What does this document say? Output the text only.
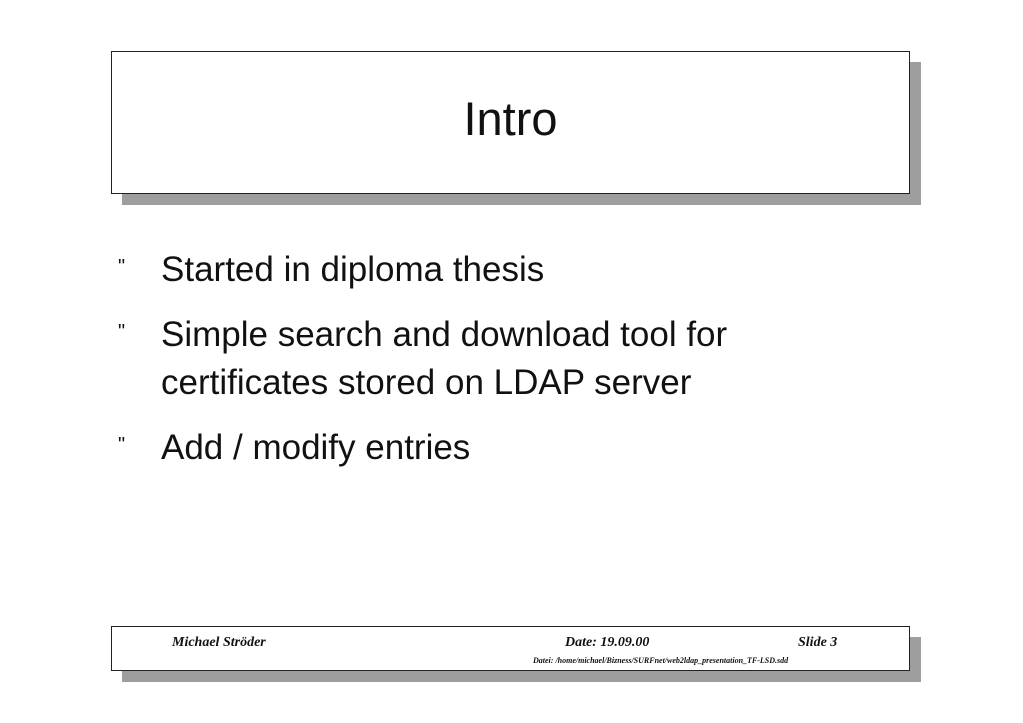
Intro
"	Started in diploma thesis
"	Simple search and download tool for
certificates stored on LDAP server
"	Add / modify entries
Michael Ströder	Date: 19.09.00	Slide 3
Datei: /home/michael/Bizness/SURFnet/web2ldap_presentation_TF-LSD.sdd
